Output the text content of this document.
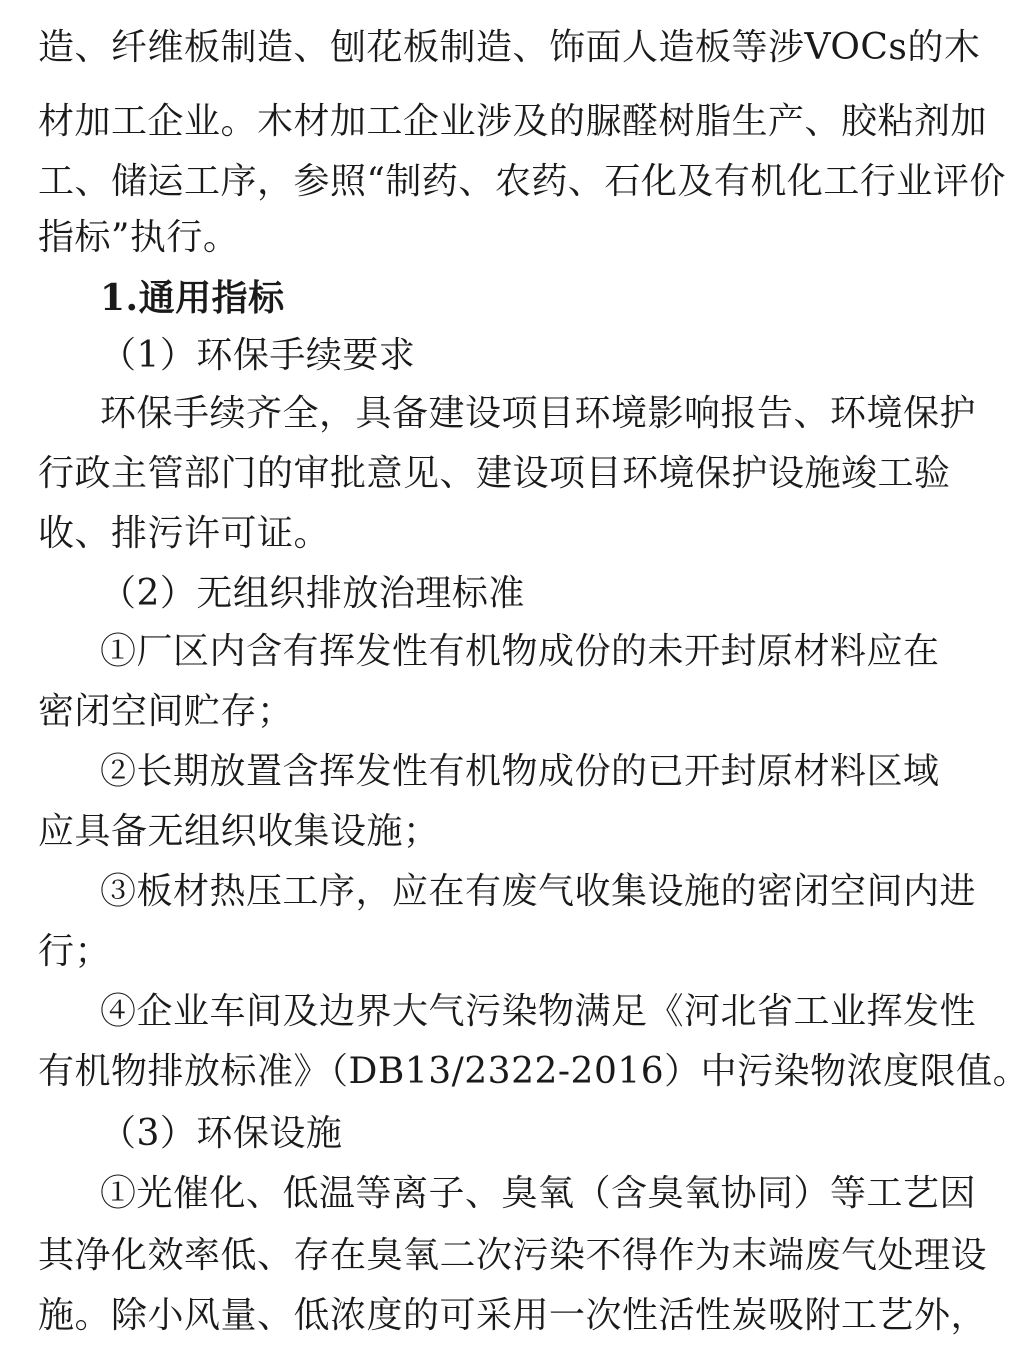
造、纤维板制造、刨花板制造、饰面人造板等涉VOCs的木
材加工企业。木材加工企业涉及的脲醛树脂生产、胶粘剂加
工、储运工序，参照“制药、农药、石化及有机化工行业评价
指标”执行。
1.通用指标
（1）环保手续要求
环保手续齐全，具备建设项目环境影响报告、环境保护
行政主管部门的审批意见、建设项目环境保护设施竣工验
收、排污许可证。
（2）无组织排放治理标准
①厂区内含有挥发性有机物成份的未开封原材料应在
密闭空间贮存；
②长期放置含挥发性有机物成份的已开封原材料区域
应具备无组织收集设施；
③板材热压工序，应在有废气收集设施的密闭空间内进
行；
④企业车间及边界大气污染物满足《河北省工业挥发性
有机物排放标准》（DB13/2322-2016）中污染物浓度限值。
（3）环保设施
①光催化、低温等离子、臭氧（含臭氧协同）等工艺因
其净化效率低、存在臭氧二次污染不得作为末端废气处理设
施。除小风量、低浓度的可采用一次性活性炭吸附工艺外，
